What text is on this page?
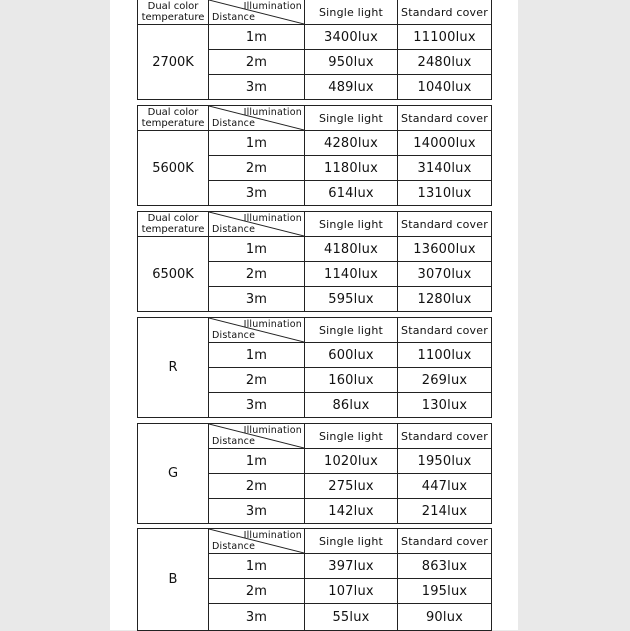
Dual color temperature
2700K
Illumination
Distance	Single light	Standard cover
1m	3400lux	11100lux
2m	950lux	2480lux
3m	489lux	1040lux
Dual color temperature
5600K
Illumination
Distance	Single light	Standard cover
1m	4280lux	14000lux
2m	1180lux	3140lux
3m	614lux	1310lux
Dual color temperature
6500K
Illumination
Distance	Single light	Standard cover
1m	4180lux	13600lux
2m	1140lux	3070lux
3m	595lux	1280lux
R
Illumination
Distance	Single light	Standard cover
1m	600lux	1100lux
2m	160lux	269lux
3m	86lux	130lux
G
Illumination
Distance	Single light	Standard cover
1m	1020lux	1950lux
2m	275lux	447lux
3m	142lux	214lux
B
Illumination
Distance	Single light	Standard cover
1m	397lux	863lux
2m	107lux	195lux
3m	55lux	90lux
